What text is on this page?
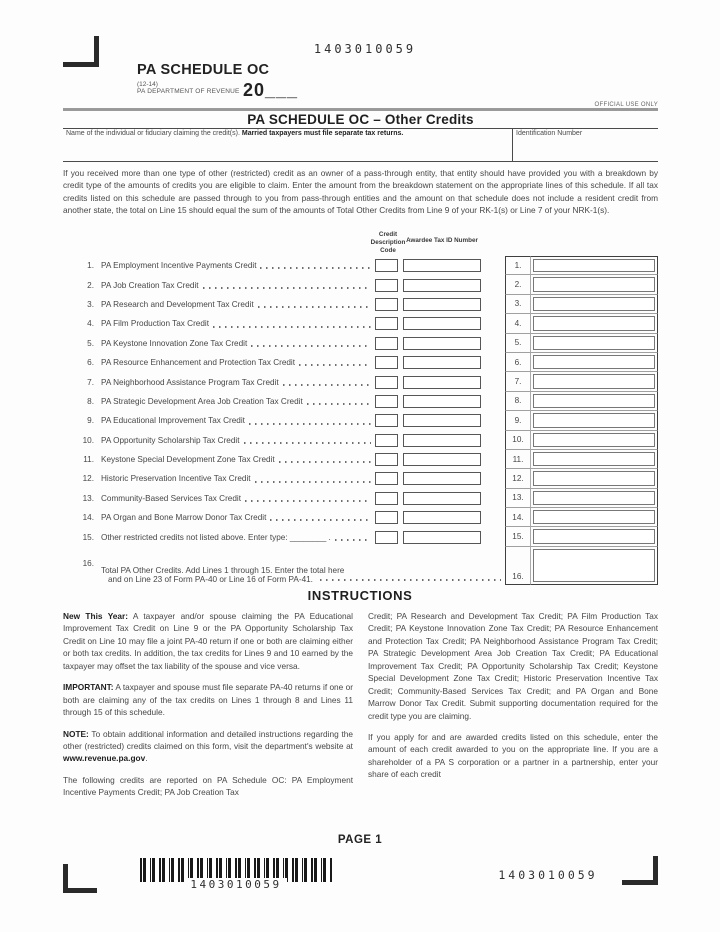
1403010059
PA SCHEDULE OC
(12-14)
PA DEPARTMENT OF REVENUE 20___
OFFICIAL USE ONLY
PA SCHEDULE OC – Other Credits
Name of the individual or fiduciary claiming the credit(s). Married taxpayers must file separate tax returns.	Identification Number
If you received more than one type of other (restricted) credit as an owner of a pass-through entity, that entity should have provided you with a breakdown by credit type of the amounts of credits you are eligible to claim. Enter the amount from the breakdown statement on the appropriate lines of this schedule. If all tax credits listed on this schedule are passed through to you from pass-through entities and the amount on that schedule does not include a resident credit from another state, the total on Line 15 should equal the sum of the amounts of Total Other Credits from Line 9 of your RK-1(s) or Line 7 of your NRK-1(s).
Credit Description Code
Awardee Tax ID Number
1. PA Employment Incentive Payments Credit	1.
2. PA Job Creation Tax Credit	2.
3. PA Research and Development Tax Credit	3.
4. PA Film Production Tax Credit	4.
5. PA Keystone Innovation Zone Tax Credit	5.
6. PA Resource Enhancement and Protection Tax Credit	6.
7. PA Neighborhood Assistance Program Tax Credit	7.
8. PA Strategic Development Area Job Creation Tax Credit	8.
9. PA Educational Improvement Tax Credit	9.
10. PA Opportunity Scholarship Tax Credit	10.
11. Keystone Special Development Zone Tax Credit	11.
12. Historic Preservation Incentive Tax Credit	12.
13. Community-Based Services Tax Credit	13.
14. PA Organ and Bone Marrow Donor Tax Credit	14.
15. Other restricted credits not listed above. Enter type: ________ .	15.
16.
Total PA Other Credits. Add Lines 1 through 15. Enter the total here
and on Line 23 of Form PA-40 or Line 16 of Form PA-41.	16.
INSTRUCTIONS

New This Year: A taxpayer and/or spouse claiming the PA Educational Improvement Tax Credit on Line 9 or the PA Opportunity Scholarship Tax Credit on Line 10 may file a joint PA-40 return if one or both are claiming either or both tax credits. In addition, the tax credits for Lines 9 and 10 earned by the taxpayer may offset the tax liability of the spouse and vice versa.

IMPORTANT: A taxpayer and spouse must file separate PA-40 returns if one or both are claiming any of the tax credits on Lines 1 through 8 and Lines 11 through 15 of this schedule.

NOTE: To obtain additional information and detailed instructions regarding the other (restricted) credits claimed on this form, visit the department's website at www.revenue.pa.gov.

The following credits are reported on PA Schedule OC: PA Employment Incentive Payments Credit; PA Job Creation Tax

Credit; PA Research and Development Tax Credit; PA Film Production Tax Credit; PA Keystone Innovation Zone Tax Credit; PA Resource Enhancement and Protection Tax Credit; PA Neighborhood Assistance Program Tax Credit; PA Strategic Development Area Job Creation Tax Credit; PA Educational Improvement Tax Credit; PA Opportunity Scholarship Tax Credit; Keystone Special Development Zone Tax Credit; Historic Preservation Incentive Tax Credit; Community-Based Services Tax Credit; and PA Organ and Bone Marrow Donor Tax Credit. Submit supporting documentation required for the credit type you are claiming.

If you apply for and are awarded credits listed on this schedule, enter the amount of each credit awarded to you on the appropriate line. If you are a shareholder of a PA S corporation or a partner in a partnership, enter your share of each credit

PAGE 1
1403010059
1403010059
